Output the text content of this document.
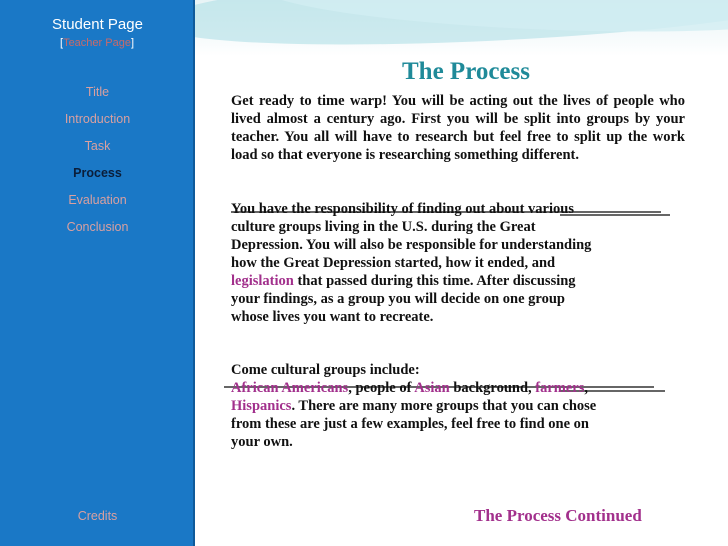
Student Page
[Teacher Page]
Title
Introduction
Task
Process
Evaluation
Conclusion
Credits
The Process
Get ready to time warp! You will be acting out the lives of people who lived almost a century ago. First you will be split into groups by your teacher. You all will have to research but feel free to split up the work load so that everyone is researching something different.
You have the responsibility of finding out about various culture groups living in the U.S. during the Great Depression. You will also be responsible for understanding how the Great Depression started, how it ended, and legislation that passed during this time. After discussing your findings, as a group you will decide on one group whose lives you want to recreate.
Come cultural groups include:
African Americans, people of Asian background, farmers, Hispanics. There are many more groups that you can chose from these are just a few examples, feel free to find one on your own.
The Process Continued
